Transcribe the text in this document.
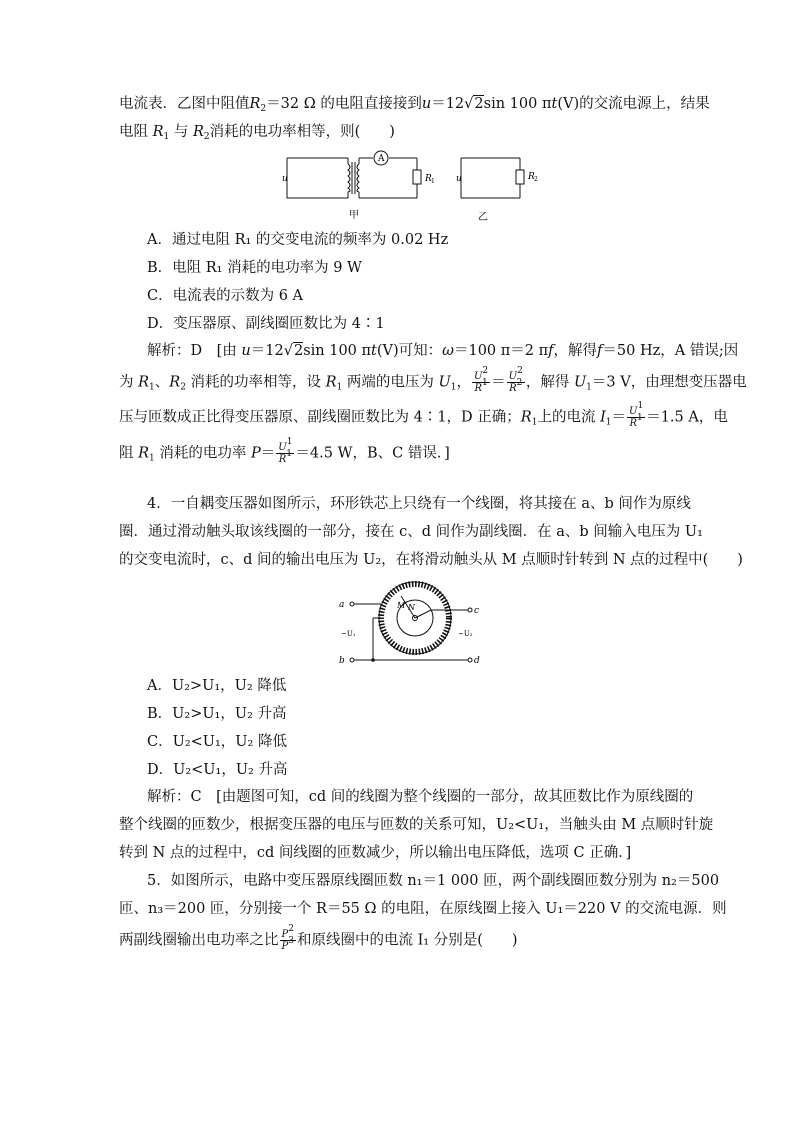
电流表．乙图中阻值$R_2=32$ Ω 的电阻直接接到u＝12√2sin 100 πt(V)的交流电源上，结果
电阻 $R_1$ 与 $R_2$消耗的电功率相等，则(　　)
u
A
R 1 u	R 2
甲	乙
A．通过电阻 R₁ 的交变电流的频率为 0.02 Hz
B．电阻 R₁ 消耗的电功率为 9 W
C．电流表的示数为 6 A
D．变压器原、副线圈匝数比为 4∶1
解析：D　[由 u＝12√2sin 100 πt(V)可知：ω＝100 π＝2 πf，解得f＝50 Hz，A 错误;因
为 $R_1$、$R_2$ 消耗的功率相等，设 $R_1$ 两端的电压为 $U_1$， $\frac{U^2}{R^1} = \frac{U^2}{R^2}$ ，解得 $U_1=3$ V，由理想变压器电
压与匝数成正比得变压器原、副线圈匝数比为 4∶1，D 正确；$R_1$上的电流 $I_1= \frac{U^1}{R^1} =1.5$ A，电
阻 $R_1$ 消耗的电功率 $P= \frac{U^1}{R^1} =4.5$ W，B、C 错误．]
4．一自耦变压器如图所示，环形铁芯上只绕有一个线圈，将其接在 a、b 间作为原线
圈．通过滑动触头取该线圈的一部分，接在 c、d 间作为副线圈．在 a、b 间输入电压为 U₁
的交变电流时，c、d 间的输出电压为 U₂，在将滑动触头从 M 点顺时针转到 N 点的过程中(　　)
a
b
c
d
~U₁	~U₂
M N
A．U₂>U₁，U₂ 降低
B．U₂>U₁，U₂ 升高
C．U₂<U₁，U₂ 降低
D．U₂<U₁，U₂ 升高
解析：C　[由题图可知，cd 间的线圈为整个线圈的一部分，故其匝数比作为原线圈的
整个线圈的匝数少，根据变压器的电压与匝数的关系可知，U₂<U₁，当触头由 M 点顺时针旋
转到 N 点的过程中，cd 间线圈的匝数减少，所以输出电压降低，选项 C 正确．]
5．如图所示，电路中变压器原线圈匝数 n₁＝1 000 匝，两个副线圈匝数分别为 n₂＝500
匝、n₃＝200 匝，分别接一个 R＝55 Ω 的电阻，在原线圈上接入 U₁＝220 V 的交流电源．则
两副线圈输出电功率之比 $\frac{P^2}{P^3}$ 和原线圈中的电流 I₁ 分别是(　　)
